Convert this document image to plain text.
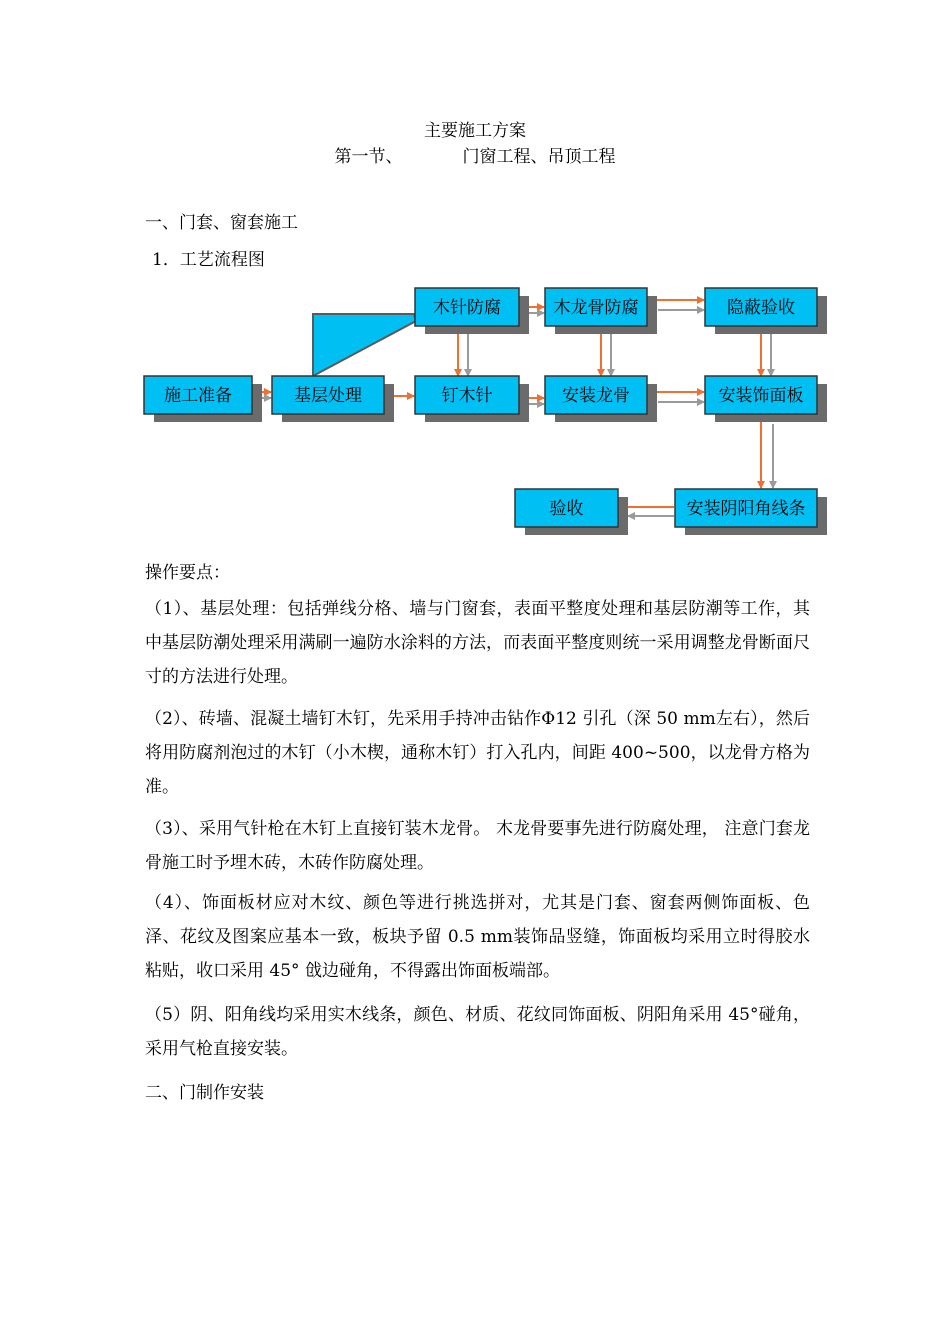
主要施工方案
第一节、	门窗工程、吊顶工程
一、门套、窗套施工
1．工艺流程图
施工准备	基层处理
木针防腐
钉木针
木龙骨防腐
安装龙骨
隐蔽验收
安装饰面板
安装阴阳角线条
验收
操作要点：
（1）、基层处理：包括弹线分格、墙与门窗套，表面平整度处理和基层防潮等工作，其中基层防潮处理采用满刷一遍防水涂料的方法，而表面平整度则统一采用调整龙骨断面尺寸的方法进行处理。
（2）、砖墙、混凝土墙钉木钉，先采用手持冲击钻作Φ12 引孔（深 50 mm左右），然后将用防腐剂泡过的木钉（小木楔，通称木钉）打入孔内，间距 400~500，以龙骨方格为准。
（3）、采用气针枪在木钉上直接钉装木龙骨。 木龙骨要事先进行防腐处理， 注意门套龙骨施工时予埋木砖，木砖作防腐处理。
（4）、饰面板材应对木纹、颜色等进行挑选拼对，尤其是门套、窗套两侧饰面板、色泽、花纹及图案应基本一致，板块予留 0.5 mm装饰品竖缝，饰面板均采用立时得胶水粘贴，收口采用 45° 戗边碰角，不得露出饰面板端部。
（5）阴、阳角线均采用实木线条，颜色、材质、花纹同饰面板、阴阳角采用 45°碰角，采用气枪直接安装。
二、门制作安装
